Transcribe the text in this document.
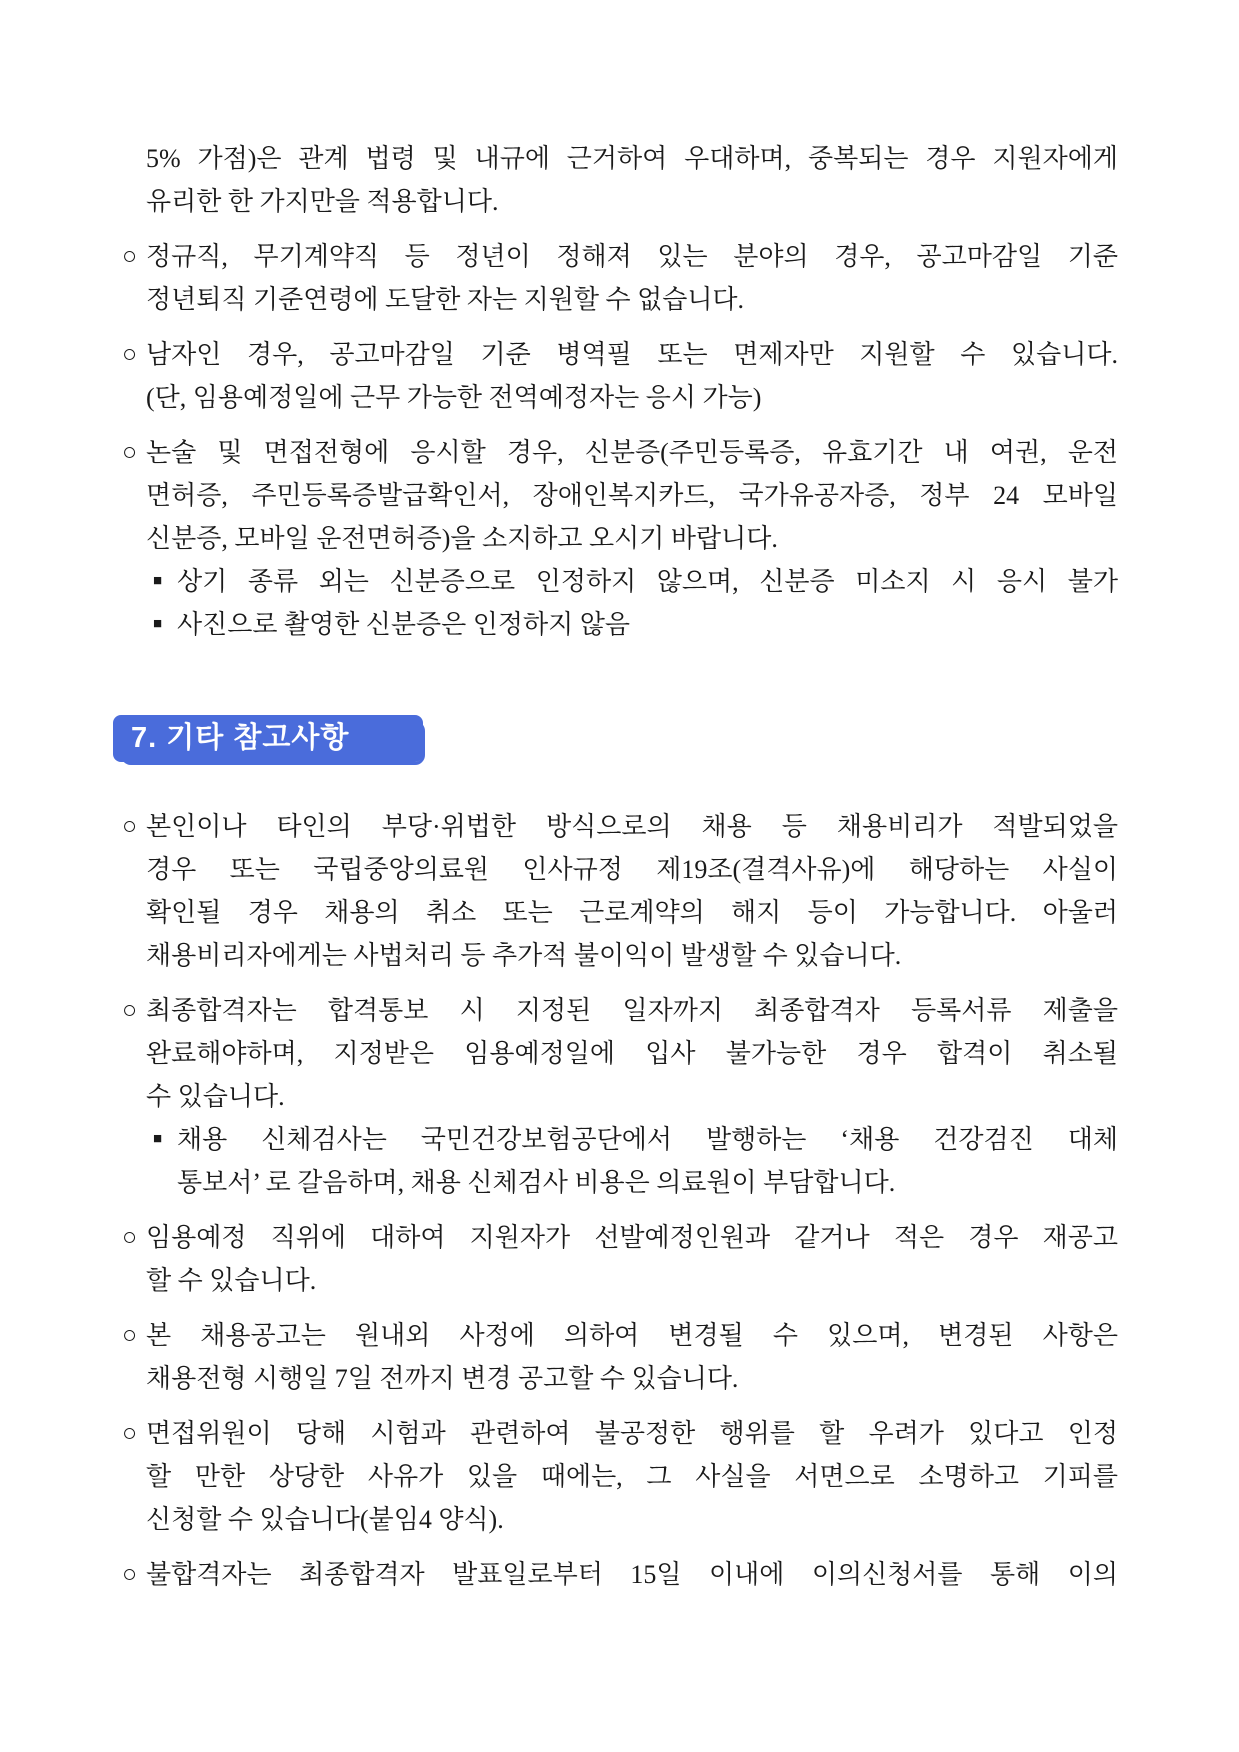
5% 가점)은 관계 법령 및 내규에 근거하여 우대하며, 중복되는 경우 지원자에게
유리한 한 가지만을 적용합니다.
○ 정규직, 무기계약직 등 정년이 정해져 있는 분야의 경우, 공고마감일 기준
정년퇴직 기준연령에 도달한 자는 지원할 수 없습니다.
○ 남자인 경우, 공고마감일 기준 병역필 또는 면제자만 지원할 수 있습니다.
(단, 임용예정일에 근무 가능한 전역예정자는 응시 가능)
○ 논술 및 면접전형에 응시할 경우, 신분증(주민등록증, 유효기간 내 여권, 운전
면허증, 주민등록증발급확인서, 장애인복지카드, 국가유공자증, 정부 24 모바일
신분증, 모바일 운전면허증)을 소지하고 오시기 바랍니다.
■ 상기 종류 외는 신분증으로 인정하지 않으며, 신분증 미소지 시 응시 불가
■ 사진으로 촬영한 신분증은 인정하지 않음
7. 기타 참고사항
○ 본인이나 타인의 부당·위법한 방식으로의 채용 등 채용비리가 적발되었을
경우 또는 국립중앙의료원 인사규정 제19조(결격사유)에 해당하는 사실이
확인될 경우 채용의 취소 또는 근로계약의 해지 등이 가능합니다. 아울러
채용비리자에게는 사법처리 등 추가적 불이익이 발생할 수 있습니다.
○ 최종합격자는 합격통보 시 지정된 일자까지 최종합격자 등록서류 제출을
완료해야하며, 지정받은 임용예정일에 입사 불가능한 경우 합격이 취소될
수 있습니다.
■ 채용 신체검사는 국민건강보험공단에서 발행하는 ‘채용 건강검진 대체
통보서’ 로 갈음하며, 채용 신체검사 비용은 의료원이 부담합니다.
○ 임용예정 직위에 대하여 지원자가 선발예정인원과 같거나 적은 경우 재공고
할 수 있습니다.
○ 본 채용공고는 원내외 사정에 의하여 변경될 수 있으며, 변경된 사항은
채용전형 시행일 7일 전까지 변경 공고할 수 있습니다.
○ 면접위원이 당해 시험과 관련하여 불공정한 행위를 할 우려가 있다고 인정
할 만한 상당한 사유가 있을 때에는, 그 사실을 서면으로 소명하고 기피를
신청할 수 있습니다(붙임4 양식).
○ 불합격자는 최종합격자 발표일로부터 15일 이내에 이의신청서를 통해 이의
